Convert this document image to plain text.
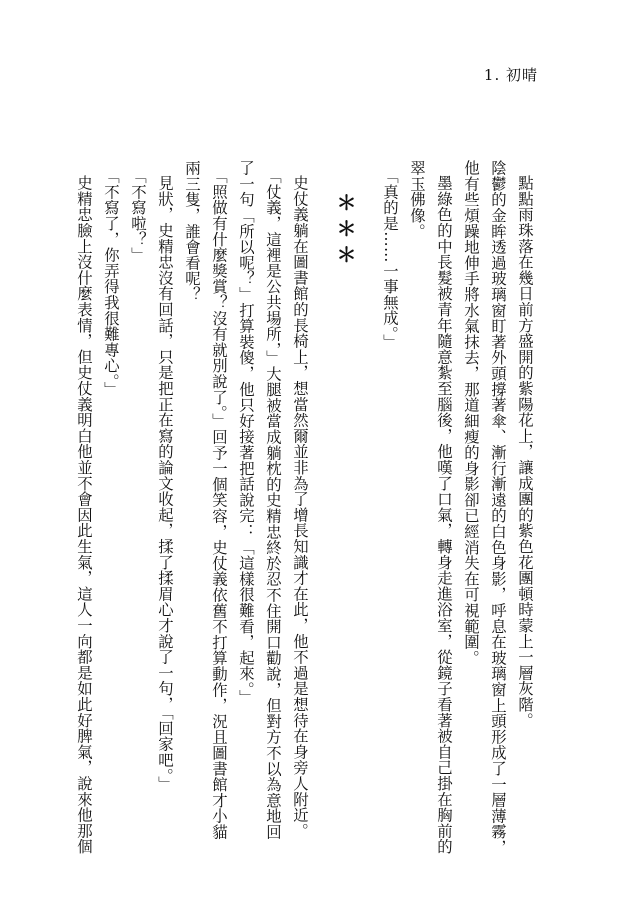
1. 初晴

點點雨珠落在幾日前方盛開的紫陽花上，讓成團的紫色花團頓時蒙上一層灰階。

陰鬱的金眸透過玻璃窗盯著外頭撐著傘、漸行漸遠的白色身影，呼息在玻璃窗上頭形成了一層薄霧，

他有些煩躁地伸手將水氣抹去，那道細瘦的身影卻已經消失在可視範圍。

墨綠色的中長髮被青年隨意紮至腦後，他嘆了口氣，轉身走進浴室，從鏡子看著被自己掛在胸前的

翠玉佛像。

「真的是……一事無成。」

＊＊＊

史仗義躺在圖書館的長椅上，想當然爾並非為了增長知識才在此，他不過是想待在身旁人附近。

「仗義，這裡是公共場所，」大腿被當成躺枕的史精忠終於忍不住開口勸說，但對方不以為意地回

了一句「所以呢？」打算裝傻，他只好接著把話說完：「這樣很難看，起來。」

「照做有什麼獎賞？沒有就別說了。」回予一個笑容，史仗義依舊不打算動作，況且圖書館才小貓

兩三隻，誰會看呢？

見狀，史精忠沒有回話，只是把正在寫的論文收起，揉了揉眉心才說了一句，「回家吧。」

「不寫啦？」

「不寫了，你弄得我很難專心。」

史精忠臉上沒什麼表情，但史仗義明白他並不會因此生氣，這人一向都是如此好脾氣，說來他那個
